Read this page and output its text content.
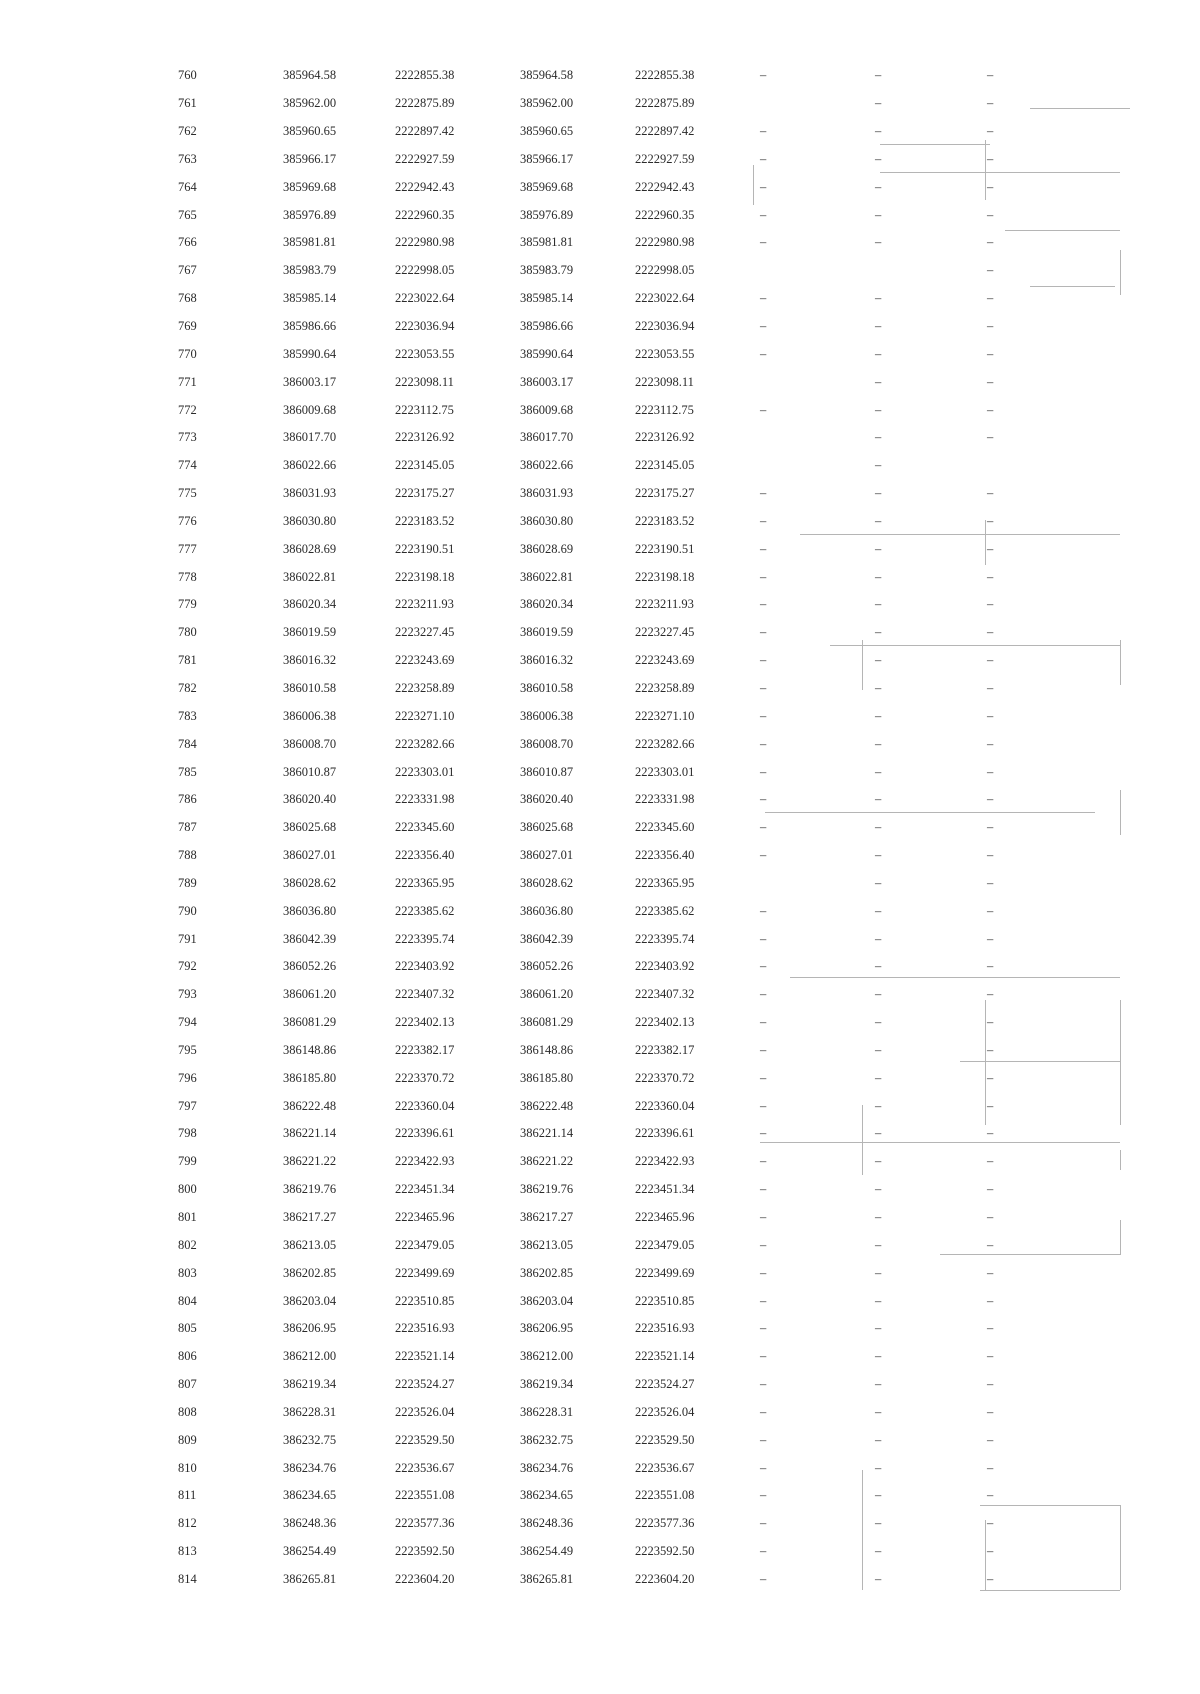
760	385964.58	2222855.38	385964.58	2222855.38	–	–	–
761	385962.00	2222875.89	385962.00	2222875.89		–	–
762	385960.65	2222897.42	385960.65	2222897.42	–	–	–
763	385966.17	2222927.59	385966.17	2222927.59	–	–	–
764	385969.68	2222942.43	385969.68	2222942.43	–	–	–
765	385976.89	2222960.35	385976.89	2222960.35	–	–	–
766	385981.81	2222980.98	385981.81	2222980.98	–	–	–
767	385983.79	2222998.05	385983.79	2222998.05			–
768	385985.14	2223022.64	385985.14	2223022.64	–	–	–
769	385986.66	2223036.94	385986.66	2223036.94	–	–	–
770	385990.64	2223053.55	385990.64	2223053.55	–	–	–
771	386003.17	2223098.11	386003.17	2223098.11		–	–
772	386009.68	2223112.75	386009.68	2223112.75	–	–	–
773	386017.70	2223126.92	386017.70	2223126.92		–	–
774	386022.66	2223145.05	386022.66	2223145.05		–	
775	386031.93	2223175.27	386031.93	2223175.27	–	–	–
776	386030.80	2223183.52	386030.80	2223183.52	–	–	–
777	386028.69	2223190.51	386028.69	2223190.51	–	–	–
778	386022.81	2223198.18	386022.81	2223198.18	–	–	–
779	386020.34	2223211.93	386020.34	2223211.93	–	–	–
780	386019.59	2223227.45	386019.59	2223227.45	–	–	–
781	386016.32	2223243.69	386016.32	2223243.69	–	–	–
782	386010.58	2223258.89	386010.58	2223258.89	–	–	–
783	386006.38	2223271.10	386006.38	2223271.10	–	–	–
784	386008.70	2223282.66	386008.70	2223282.66	–	–	–
785	386010.87	2223303.01	386010.87	2223303.01	–	–	–
786	386020.40	2223331.98	386020.40	2223331.98	–	–	–
787	386025.68	2223345.60	386025.68	2223345.60	–	–	–
788	386027.01	2223356.40	386027.01	2223356.40	–	–	–
789	386028.62	2223365.95	386028.62	2223365.95		–	–
790	386036.80	2223385.62	386036.80	2223385.62	–	–	–
791	386042.39	2223395.74	386042.39	2223395.74	–	–	–
792	386052.26	2223403.92	386052.26	2223403.92	–	–	–
793	386061.20	2223407.32	386061.20	2223407.32	–	–	–
794	386081.29	2223402.13	386081.29	2223402.13	–	–	–
795	386148.86	2223382.17	386148.86	2223382.17	–	–	–
796	386185.80	2223370.72	386185.80	2223370.72	–	–	–
797	386222.48	2223360.04	386222.48	2223360.04	–	–	–
798	386221.14	2223396.61	386221.14	2223396.61	–	–	–
799	386221.22	2223422.93	386221.22	2223422.93	–	–	–
800	386219.76	2223451.34	386219.76	2223451.34	–	–	–
801	386217.27	2223465.96	386217.27	2223465.96	–	–	–
802	386213.05	2223479.05	386213.05	2223479.05	–	–	–
803	386202.85	2223499.69	386202.85	2223499.69	–	–	–
804	386203.04	2223510.85	386203.04	2223510.85	–	–	–
805	386206.95	2223516.93	386206.95	2223516.93	–	–	–
806	386212.00	2223521.14	386212.00	2223521.14	–	–	–
807	386219.34	2223524.27	386219.34	2223524.27	–	–	–
808	386228.31	2223526.04	386228.31	2223526.04	–	–	–
809	386232.75	2223529.50	386232.75	2223529.50	–	–	–
810	386234.76	2223536.67	386234.76	2223536.67	–	–	–
811	386234.65	2223551.08	386234.65	2223551.08	–	–	–
812	386248.36	2223577.36	386248.36	2223577.36	–	–	–
813	386254.49	2223592.50	386254.49	2223592.50	–	–	–
814	386265.81	2223604.20	386265.81	2223604.20	–	–	–
